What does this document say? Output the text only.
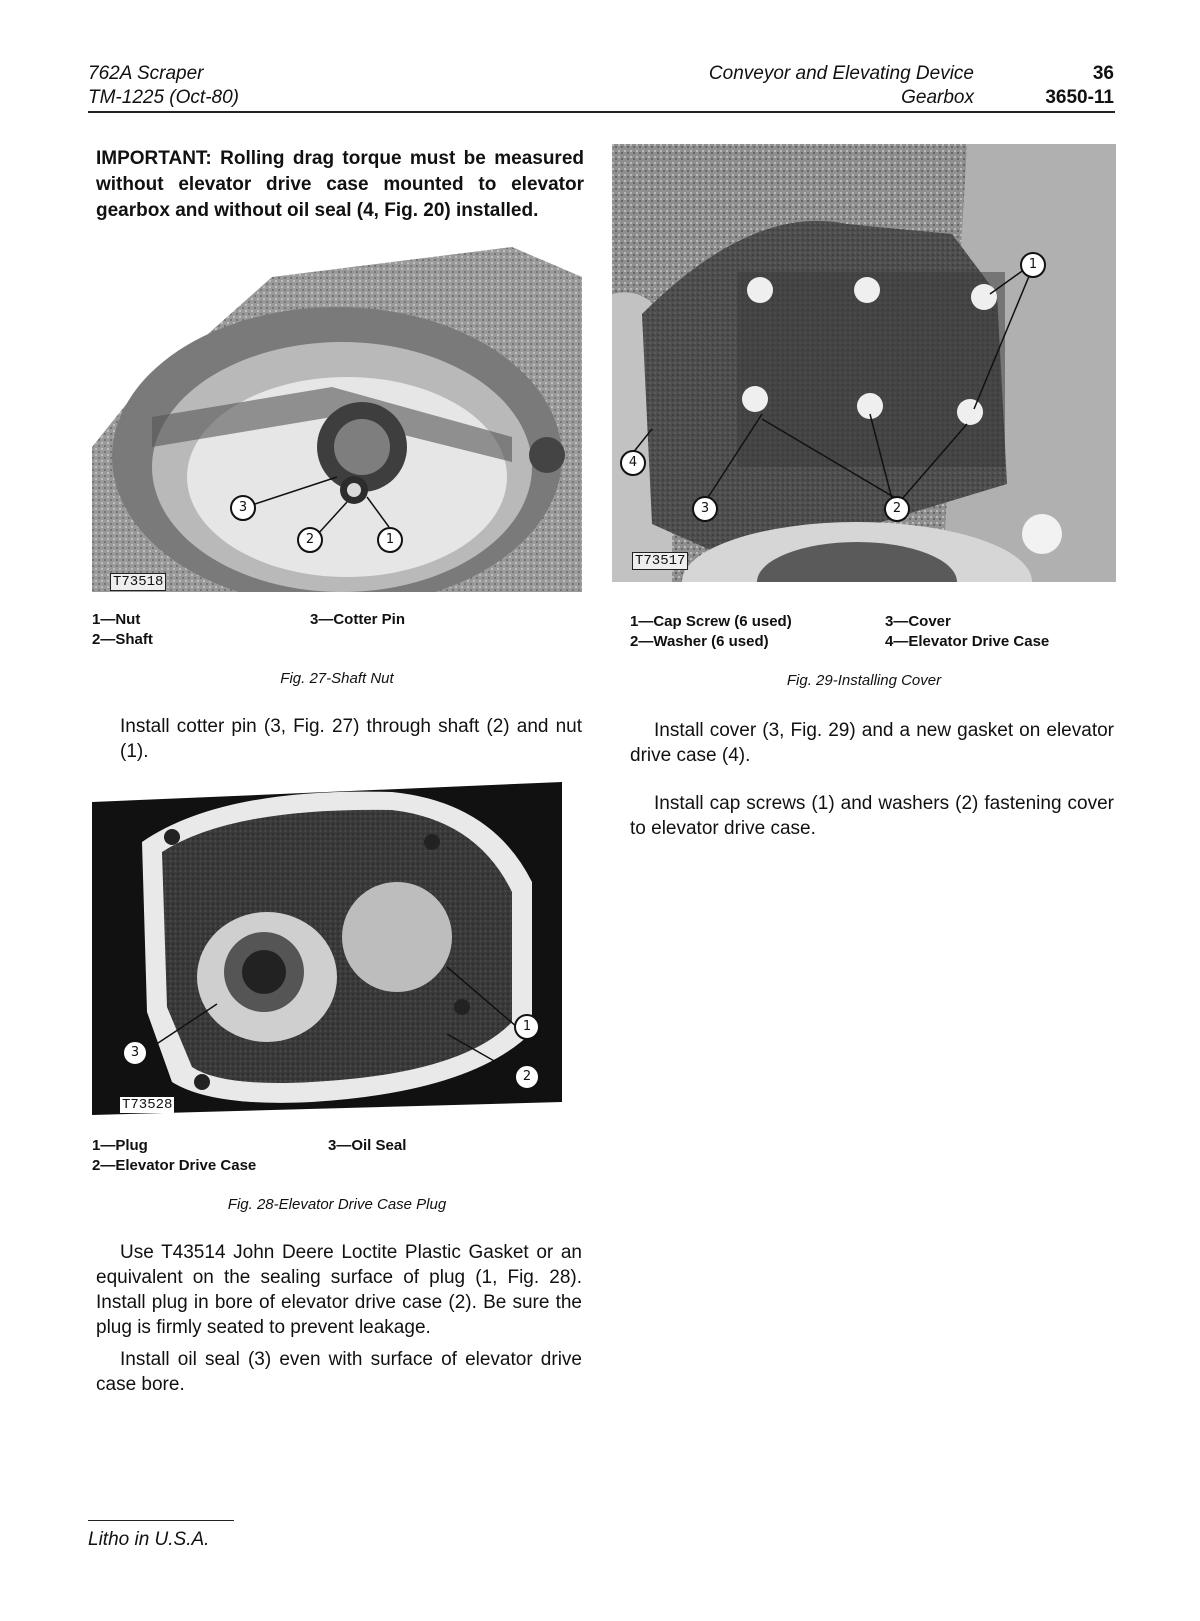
762A Scraper
TM-1225 (Oct-80)
Conveyor and Elevating Device
Gearbox
36
3650-11
IMPORTANT: Rolling drag torque must be measured without elevator drive case mounted to elevator gearbox and without oil seal (4, Fig. 20) installed.
T73518
3
2	1
1—Nut
2—Shaft
3—Cotter Pin
Fig. 27-Shaft Nut
Install cotter pin (3, Fig. 27) through shaft (2) and nut (1).
T73528
1
2
3
1—Plug
2—Elevator Drive Case
3—Oil Seal
Fig. 28-Elevator Drive Case Plug
Use T43514 John Deere Loctite Plastic Gasket or an equivalent on the sealing surface of plug (1, Fig. 28). Install plug in bore of elevator drive case (2). Be sure the plug is firmly seated to prevent leakage.
Install oil seal (3) even with surface of elevator drive case bore.
1
2
3
4
T73517
1—Cap Screw (6 used)
2—Washer (6 used)
3—Cover
4—Elevator Drive Case
Fig. 29-Installing Cover
Install cover (3, Fig. 29) and a new gasket on elevator drive case (4).
Install cap screws (1) and washers (2) fastening cover to elevator drive case.
Litho in U.S.A.
